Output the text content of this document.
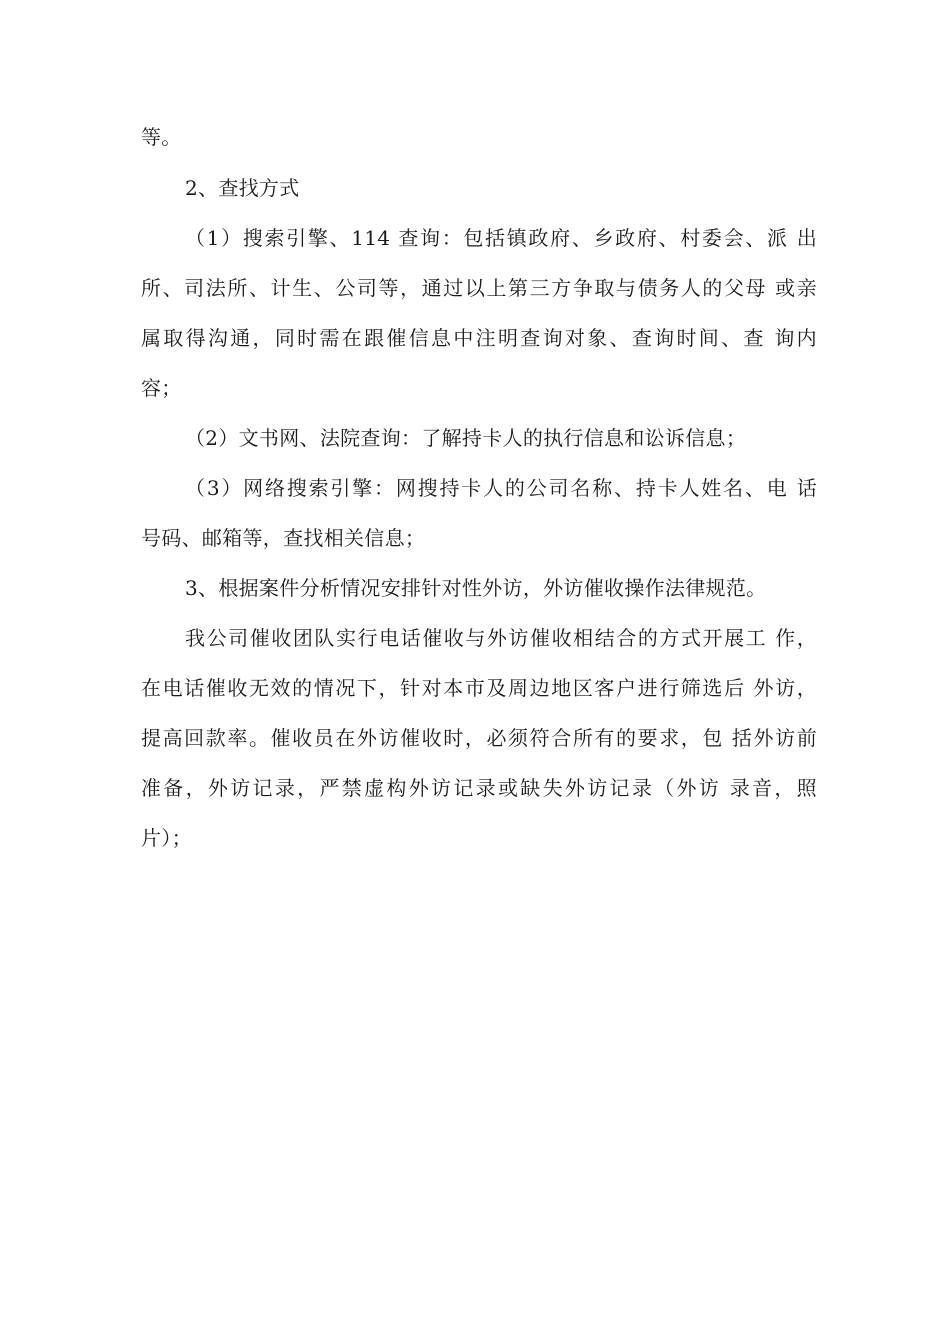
等。
2、查找方式
（1）搜索引擎、114 查询：包括镇政府、乡政府、村委会、派 出
所、司法所、计生、公司等，通过以上第三方争取与债务人的父母 或亲
属取得沟通，同时需在跟催信息中注明查询对象、查询时间、查 询内
容；
（2）文书网、法院查询：了解持卡人的执行信息和讼诉信息；
（3）网络搜索引擎：网搜持卡人的公司名称、持卡人姓名、电 话
号码、邮箱等，查找相关信息；
3、根据案件分析情况安排针对性外访，外访催收操作法律规范。
我公司催收团队实行电话催收与外访催收相结合的方式开展工 作，
在电话催收无效的情况下，针对本市及周边地区客户进行筛选后 外访，
提高回款率。催收员在外访催收时，必须符合所有的要求，包 括外访前
准备，外访记录，严禁虚构外访记录或缺失外访记录（外访 录音，照
片）；
